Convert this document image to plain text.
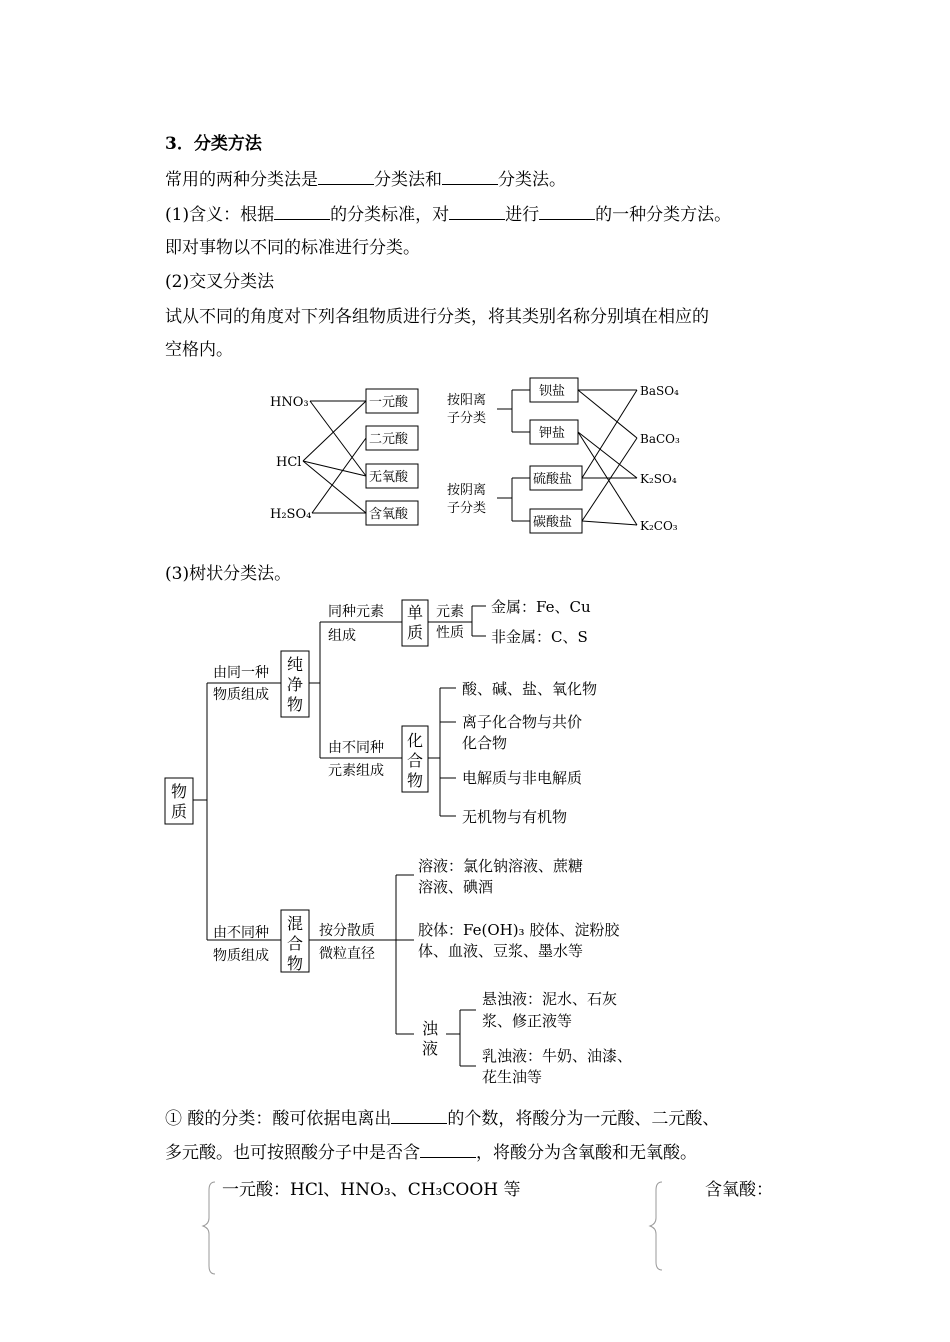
3．分类方法
常用的两种分类法是	分类法和	分类法。
(1)含义：根据	的分类标准，对	进行	的一种分类方法。
即对事物以不同的标准进行分类。
(2)交叉分类法
试从不同的角度对下列各组物质进行分类，将其类别名称分别填在相应的
空格内。
HNO₃
HCl
H₂SO₄
一元酸
二元酸
无氧酸
含氧酸
按阳离
子分类
按阴离
子分类
钡盐
钾盐
硫酸盐
碳酸盐
BaSO₄
BaCO₃
K₂SO₄
K₂CO₃
(3)树状分类法。
物
质
由同一种
物质组成
纯
净
物
同种元素
组成
单
质
元素
性质
金属：Fe、Cu
非金属：C、S
由不同种
元素组成
化
合
物
酸、碱、盐、氧化物
离子化合物与共价
化合物
电解质与非电解质
无机物与有机物
由不同种
物质组成
混
合
物
按分散质
微粒直径
溶液：氯化钠溶液、蔗糖
溶液、碘酒
胶体：Fe(OH)₃ 胶体、淀粉胶
体、血液、豆浆、墨水等
浊
液
悬浊液：泥水、石灰
浆、修正液等
乳浊液：牛奶、油漆、
花生油等
① 酸的分类：酸可依据电离出	的个数，将酸分为一元酸、二元酸、
多元酸。也可按照酸分子中是否含	，将酸分为含氧酸和无氧酸。
一元酸：HCl、HNO₃、CH₃COOH 等	含氧酸：
